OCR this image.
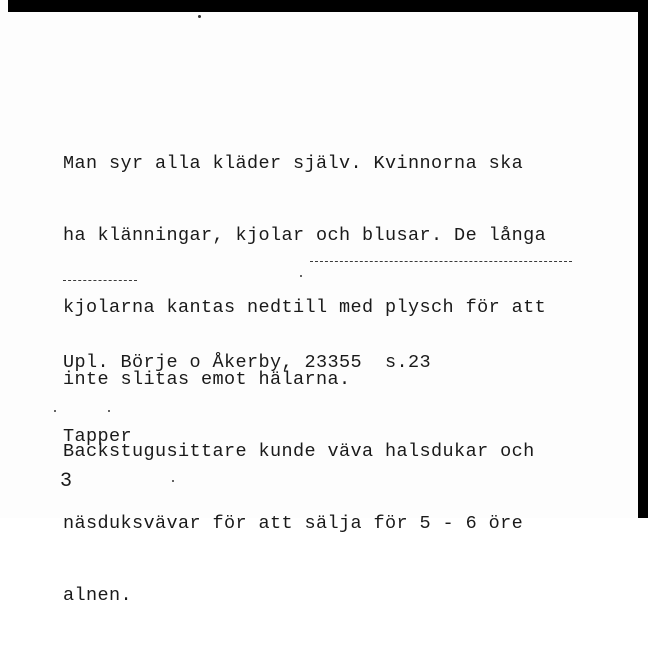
Man syr alla kläder själv. Kvinnorna ska

ha klänningar, kjolar och blusar. De långa

kjolarna kantas nedtill med plysch för att

inte slitas emot hälarna.

Backstugusittare kunde väva halsdukar och

näsduksvävar för att sälja för 5 - 6 öre

alnen.

Upl. Börje o Åkerby, 23355  s.23

Tapper

3
